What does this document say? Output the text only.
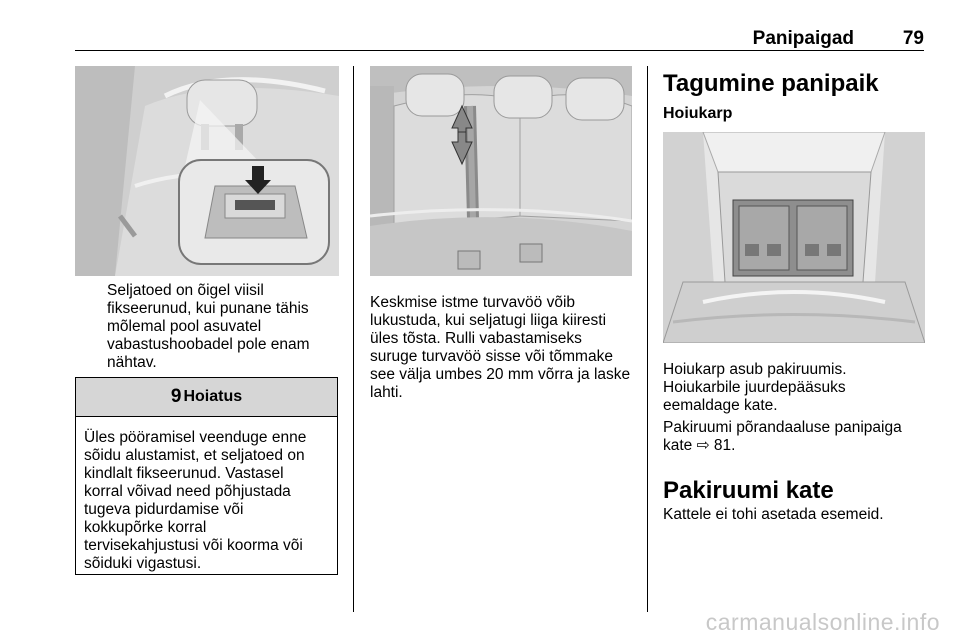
Panipaigad	79
Seljatoed on õigel viisil
fikseerunud, kui punane tähis
mõlemal pool asuvatel
vabastushoobadel pole enam
nähtav.
9 Hoiatus
Üles pööramisel veenduge enne
sõidu alustamist, et seljatoed on
kindlalt fikseerunud. Vastasel
korral võivad need põhjustada
tugeva pidurdamise või
kokkupõrke korral
tervisekahjustusi või koorma või
sõiduki vigastusi.
Keskmise istme turvavöö võib
lukustuda, kui seljatugi liiga kiiresti
üles tõsta. Rulli vabastamiseks
suruge turvavöö sisse või tõmmake
see välja umbes 20 mm võrra ja laske
lahti.
Tagumine panipaik
Hoiukarp
Hoiukarp asub pakiruumis.
Hoiukarbile juurdepääsuks
eemaldage kate.
Pakiruumi põrandaaluse panipaiga
kate ⇨ 81.
Pakiruumi kate
Kattele ei tohi asetada esemeid.
carmanualsonline.info
